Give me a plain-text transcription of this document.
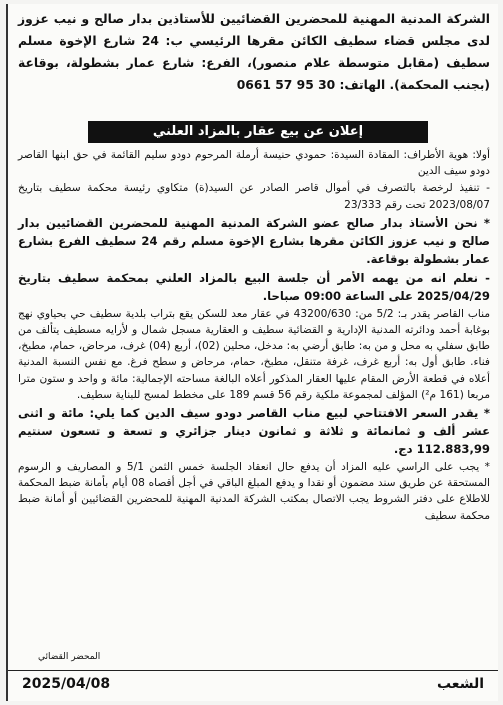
الشركة المدنية المهنية للمحضرين القضائيين للأستاذين بدار صالح و نيب عزوز لدى مجلس قضاء سطيف الكائن مقرها الرئيسي ب: 24 شارع الإخوة مسلم سطيف (مقابل متوسطة علام منصور)، الفرع: شارع عمار بشطولة، بوقاعة (بجنب المحكمة). الهاتف: 30 95 57 0661
إعلان عن بيع عقار بالمزاد العلني

أولا: هوية الأطراف: المقادة السيدة: حمودي حنيسة أرملة المرحوم دودو سليم القائمة في حق ابنها القاصر دودو سيف الدين

- تنفيذ لرخصة بالتصرف في أموال قاصر الصادر عن السيد(ة) متكاوي رئيسة محكمة سطيف بتاريخ 2023/08/07 تحت رقم 23/333

* نحن الأستاذ بدار صالح عضو الشركة المدنية المهنية للمحضرين القضائيين بدار صالح و نيب عزوز الكائن مقرها بشارع الإخوة مسلم رقم 24 سطيف الفرع بشارع عمار بشطولة بوقاعة.

- نعلم انه من يهمه الأمر أن جلسة البيع بالمزاد العلني بمحكمة سطيف بتاريخ 2025/04/29 على الساعة 09:00 صباحا.

مناب القاصر يقدر بـ: 5/2 من: 43200/630 في عقار معد للسكن يقع بتراب بلدية سطيف حي بحياوي نهج بوغابة أحمد ودائرته المدنية الإدارية و القضائية سطيف و العقارية مسجل شمال و لأرايه مسطيف يتألف من طابق سفلي به محل و من به: طابق أرضي به: مدخل، محلين (02)، أربع (04) غرف، مرحاض، حمام، مطبخ، فناء. طابق أول به: أربع غرف، غرفة متنقل، مطبخ، حمام، مرحاض و سطح فرغ. مع نفس النسبة المدنية أعلاه في قطعة الأرض المقام عليها العقار المذكور أعلاه البالغة مساحته الإجمالية: مائة و واحد و ستون مترا مربعا (161 م²) المؤلف لمجموعة ملكية رقم 56 قسم 189 على مخطط لمسح للبناية سطيف.

* يقدر السعر الافتتاحي لبيع مناب القاصر دودو سيف الدين كما يلي: مائة و اثنى عشر ألف و ثمانمائة و ثلاثة و ثمانون دينار جزائري و تسعة و تسعون سنتيم 112.883,99 دج.

* يجب على الراسي عليه المزاد أن يدفع حال انعقاد الجلسة خمس الثمن 5/1 و المصاريف و الرسوم المستحقة عن طريق سند مضمون أو نقدا و يدفع المبلغ الباقي في أجل أقصاه 08 أيام بأمانة ضبط المحكمة للاطلاع على دفتر الشروط يجب الاتصال بمكتب الشركة المدنية المهنية للمحضرين القضائيين أو أمانة ضبط محكمة سطيف

المحضر القضائي
الشعب
2025/04/08
